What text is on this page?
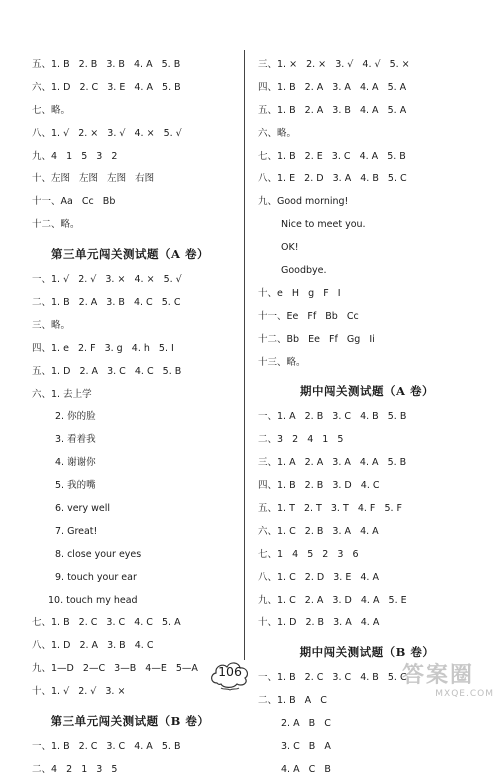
五、1. B   2. B   3. B   4. A   5. B
六、1. D   2. C   3. E   4. A   5. B
七、略。
八、1. √   2. ×   3. √   4. ×   5. √
九、4   1   5   3   2
十、左图   左图   左图   右图
十一、Aa   Cc   Bb
十二、略。
第三单元闯关测试题（A 卷）
一、1. √   2. √   3. ×   4. ×   5. √
二、1. B   2. A   3. B   4. C   5. C
三、略。
四、1. e   2. F   3. g   4. h   5. I
五、1. D   2. A   3. C   4. C   5. B
六、1. 去上学
2. 你的脸
3. 看着我
4. 谢谢你
5. 我的嘴
6. very well
7. Great!
8. close your eyes
9. touch your ear
10. touch my head
七、1. B   2. C   3. C   4. C   5. A
八、1. D   2. A   3. B   4. C
九、1—D   2—C   3—B   4—E   5—A
十、1. √   2. √   3. ×
第三单元闯关测试题（B 卷）
一、1. B   2. C   3. C   4. A   5. B
二、4   2   1   3   5
三、1. ×   2. ×   3. √   4. √   5. ×
四、1. B   2. A   3. A   4. A   5. A
五、1. B   2. A   3. B   4. A   5. A
六、略。
七、1. B   2. E   3. C   4. A   5. B
八、1. E   2. D   3. A   4. B   5. C
九、Good morning!
Nice to meet you.
OK!
Goodbye.
十、e   H   g   F   I
十一、Ee   Ff   Bb   Cc
十二、Bb   Ee   Ff   Gg   Ii
十三、略。
期中闯关测试题（A 卷）
一、1. A   2. B   3. C   4. B   5. B
二、3   2   4   1   5
三、1. A   2. A   3. A   4. A   5. B
四、1. B   2. B   3. D   4. C
五、1. T   2. T   3. T   4. F   5. F
六、1. C   2. B   3. A   4. A
七、1   4   5   2   3   6
八、1. C   2. D   3. E   4. A
九、1. C   2. A   3. D   4. A   5. E
十、1. D   2. B   3. A   4. A
期中闯关测试题（B 卷）
一、1. B   2. C   3. C   4. B   5. C
二、1. B   A   C
2. A   B   C
3. C   B   A
4. A   C   B
106	答案圈
MXQE.COM
